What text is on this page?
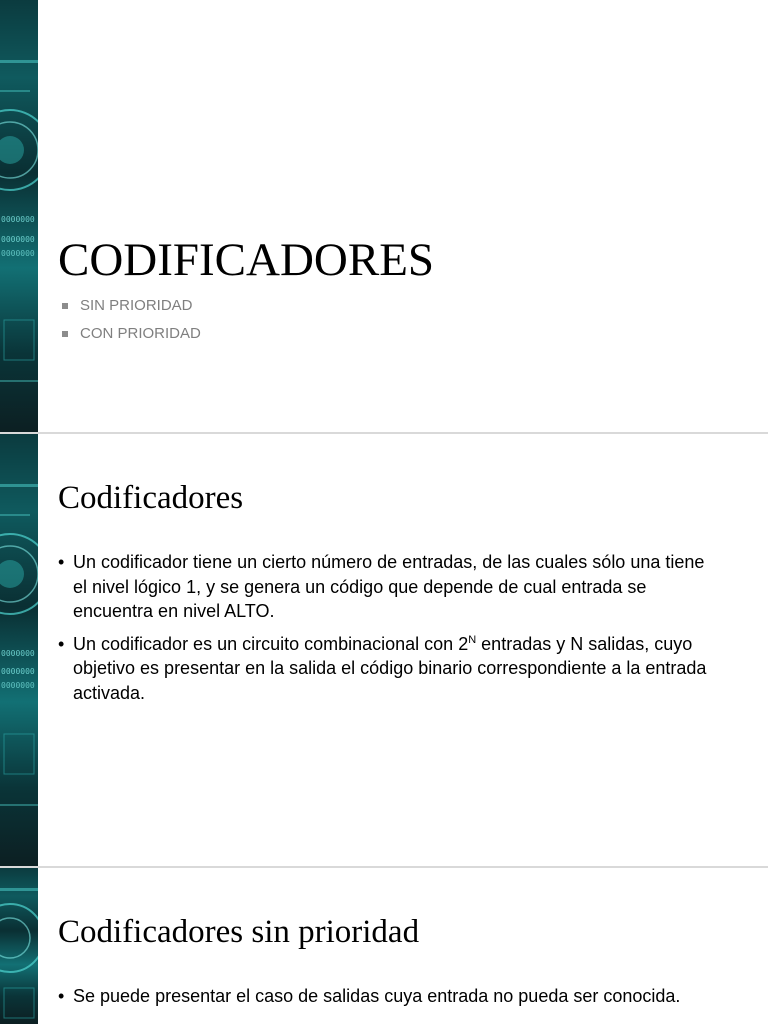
0000000
0000000
0000000 CODIFICADORES
SIN PRIORIDAD
CON PRIORIDAD
0000000
0000000
0000000
Codificadores
• Un codificador tiene un cierto número de entradas, de las cuales sólo una tiene el nivel lógico 1, y se genera un código que depende de cual entrada se encuentra en nivel ALTO.
• Un codificador es un circuito combinacional con $2^N$ entradas y N salidas, cuyo objetivo es presentar en la salida el código binario correspondiente a la entrada activada.
Codificadores sin prioridad
• Se puede presentar el caso de salidas cuya entrada no pueda ser conocida.
